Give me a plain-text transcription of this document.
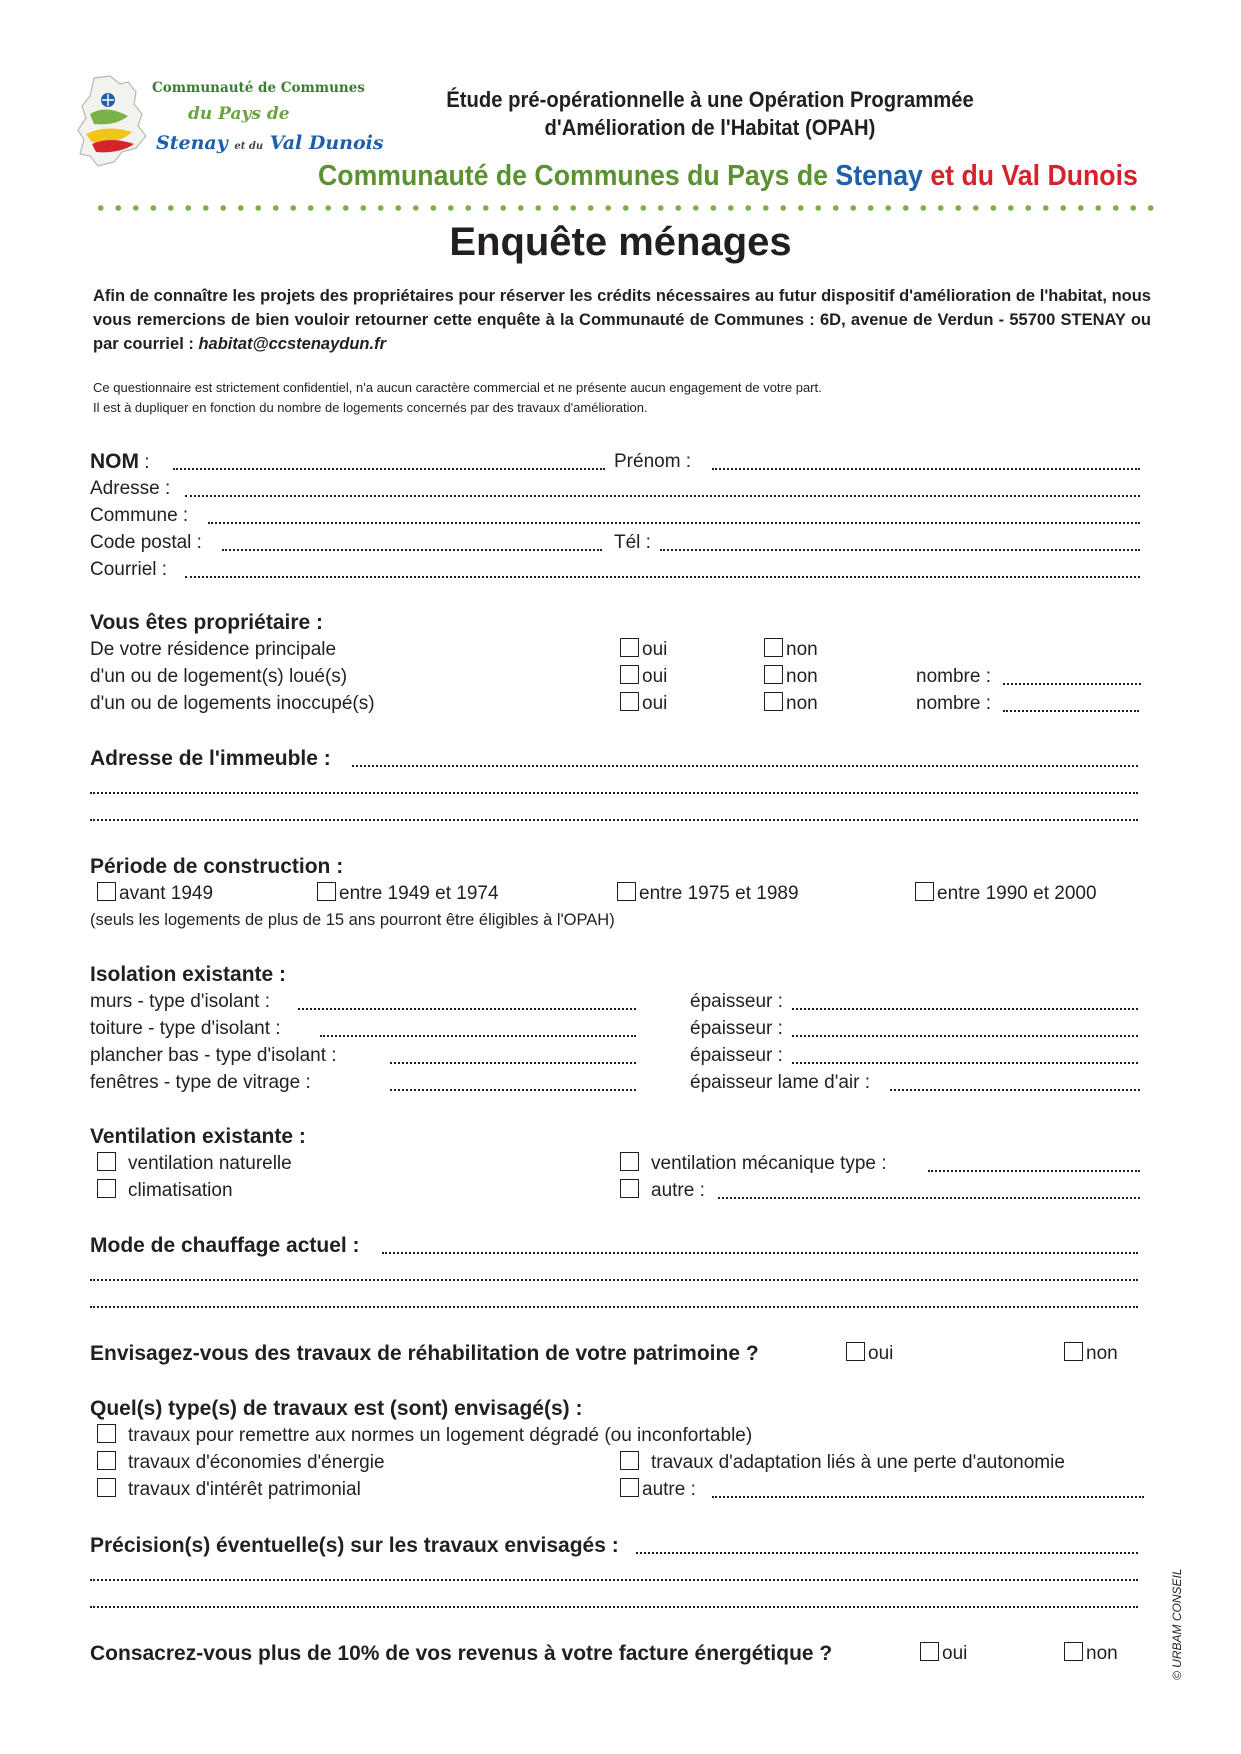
Communauté de Communes
du Pays de
Stenay et du Val Dunois
Étude pré-opérationnelle à une Opération Programmée
d'Amélioration de l'Habitat (OPAH)
Communauté de Communes du Pays de Stenay et du Val Dunois
Enquête ménages
Afin de connaître les projets des propriétaires pour réserver les crédits nécessaires au futur dispositif d'amélioration de l'habitat, nous vous remercions de bien vouloir retourner cette enquête à la Communauté de Communes : 6D, avenue de Verdun - 55700 STENAY ou par courriel : habitat@ccstenaydun.fr
Ce questionnaire est strictement confidentiel, n'a aucun caractère commercial et ne présente aucun engagement de votre part.
Il est à dupliquer en fonction du nombre de logements concernés par des travaux d'amélioration.
NOM :	Prénom :
Adresse :
Commune :
Code postal :	Tél :
Courriel :
Vous êtes propriétaire :
De votre résidence principale	oui	non
d'un ou de logement(s) loué(s)	oui	non	nombre :
d'un ou de logements inoccupé(s)	oui	non	nombre :
Adresse de l'immeuble :
Période de construction :
avant 1949	entre 1949 et 1974	entre 1975 et 1989	entre 1990 et 2000
(seuls les logements de plus de 15 ans pourront être éligibles à l'OPAH)
Isolation existante :
murs - type d'isolant :	épaisseur :
toiture - type d'isolant :	épaisseur :
plancher bas - type d'isolant :	épaisseur :
fenêtres - type de vitrage :	épaisseur lame d'air :
Ventilation existante :
ventilation naturelle
climatisation
ventilation mécanique type :
autre :
Mode de chauffage actuel :
Envisagez-vous des travaux de réhabilitation de votre patrimoine ?	oui	non
Quel(s) type(s) de travaux est (sont) envisagé(s) :
travaux pour remettre aux normes un logement dégradé (ou inconfortable)
travaux d'économies d'énergie
travaux d'intérêt patrimonial
travaux d'adaptation liés à une perte d'autonomie
autre :
Précision(s) éventuelle(s) sur les travaux envisagés :
Consacrez-vous plus de 10% de vos revenus à votre facture énergétique ?	oui	non	© URBAM CONSEIL
